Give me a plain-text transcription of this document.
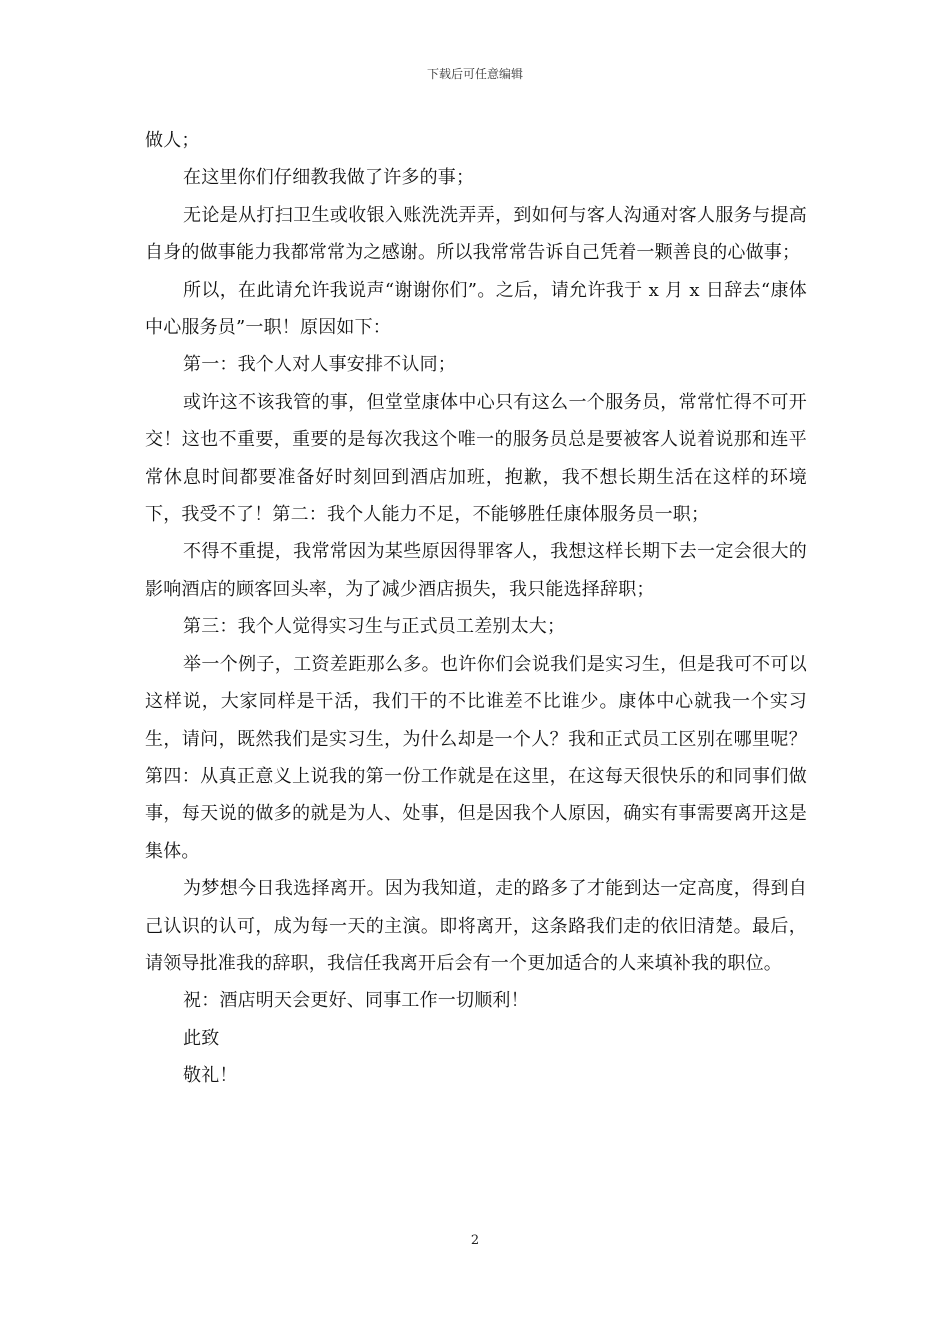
下载后可任意编辑

做人；

在这里你们仔细教我做了许多的事；

无论是从打扫卫生或收银入账洗洗弄弄，到如何与客人沟通对客人服务与提高自身的做事能力我都常常为之感谢。所以我常常告诉自己凭着一颗善良的心做事；

所以，在此请允许我说声“谢谢你们”。之后，请允许我于 x 月 x 日辞去“康体中心服务员”一职！原因如下：

第一：我个人对人事安排不认同；

或许这不该我管的事，但堂堂康体中心只有这么一个服务员，常常忙得不可开交！这也不重要，重要的是每次我这个唯一的服务员总是要被客人说着说那和连平常休息时间都要准备好时刻回到酒店加班，抱歉，我不想长期生活在这样的环境下，我受不了！第二：我个人能力不足，不能够胜任康体服务员一职；

不得不重提，我常常因为某些原因得罪客人，我想这样长期下去一定会很大的影响酒店的顾客回头率，为了减少酒店损失，我只能选择辞职；

第三：我个人觉得实习生与正式员工差别太大；

举一个例子，工资差距那么多。也许你们会说我们是实习生，但是我可不可以这样说，大家同样是干活，我们干的不比谁差不比谁少。康体中心就我一个实习生，请问，既然我们是实习生，为什么却是一个人？我和正式员工区别在哪里呢？第四：从真正意义上说我的第一份工作就是在这里，在这每天很快乐的和同事们做事，每天说的做多的就是为人、处事，但是因我个人原因，确实有事需要离开这是集体。

为梦想今日我选择离开。因为我知道，走的路多了才能到达一定高度，得到自己认识的认可，成为每一天的主演。即将离开，这条路我们走的依旧清楚。最后，请领导批准我的辞职，我信任我离开后会有一个更加适合的人来填补我的职位。

祝：酒店明天会更好、同事工作一切顺利！

此致

敬礼！

2
